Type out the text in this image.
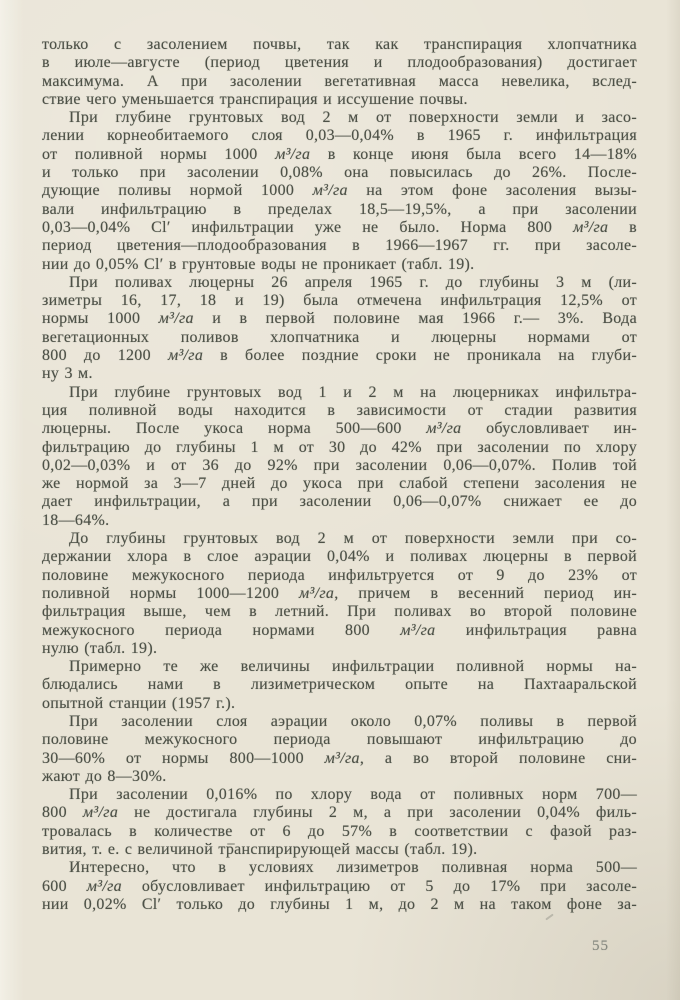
только с засолением почвы, так как транспирация хлопчатника
в июле—августе (период цветения и плодообразования) достигает
максимума. А при засолении вегетативная масса невелика, вслед-
ствие чего уменьшается транспирация и иссушение почвы.
При глубине грунтовых вод 2 м от поверхности земли и засо-
лении корнеобитаемого слоя 0,03—0,04% в 1965 г. инфильтрация
от поливной нормы 1000 м³/га в конце июня была всего 14—18%
и только при засолении 0,08% она повысилась до 26%. После-
дующие поливы нормой 1000 м³/га на этом фоне засоления вызы-
вали инфильтрацию в пределах 18,5—19,5%, а при засолении
0,03—0,04% Cl′ инфильтрации уже не было. Норма 800 м³/га в
период цветения—плодообразования в 1966—1967 гг. при засоле-
нии до 0,05% Cl′ в грунтовые воды не проникает (табл. 19).
При поливах люцерны 26 апреля 1965 г. до глубины 3 м (ли-
зиметры 16, 17, 18 и 19) была отмечена инфильтрация 12,5% от
нормы 1000 м³/га и в первой половине мая 1966 г.— 3%. Вода
вегетационных поливов хлопчатника и люцерны нормами от
800 до 1200 м³/га в более поздние сроки не проникала на глуби-
ну 3 м.
При глубине грунтовых вод 1 и 2 м на люцерниках инфильтра-
ция поливной воды находится в зависимости от стадии развития
люцерны. После укоса норма 500—600 м³/га обусловливает ин-
фильтрацию до глубины 1 м от 30 до 42% при засолении по хлору
0,02—0,03% и от 36 до 92% при засолении 0,06—0,07%. Полив той
же нормой за 3—7 дней до укоса при слабой степени засоления не
дает инфильтрации, а при засолении 0,06—0,07% снижает ее до
18—64%.
До глубины грунтовых вод 2 м от поверхности земли при со-
держании хлора в слое аэрации 0,04% и поливах люцерны в первой
половине межукосного периода инфильтруется от 9 до 23% от
поливной нормы 1000—1200 м³/га, причем в весенний период ин-
фильтрация выше, чем в летний. При поливах во второй половине
межукосного периода нормами 800 м³/га инфильтрация равна
нулю (табл. 19).
Примерно те же величины инфильтрации поливной нормы на-
блюдались нами в лизиметрическом опыте на Пахтааральской
опытной станции (1957 г.).
При засолении слоя аэрации около 0,07% поливы в первой
половине межукосного периода повышают инфильтрацию до
30—60% от нормы 800—1000 м³/га, а во второй половине сни-
жают до 8—30%.
При засолении 0,016% по хлору вода от поливных норм 700—
800 м³/га не достигала глубины 2 м, а при засолении 0,04% филь-
тровалась в количестве от 6 до 57% в соответствии с фазой раз-
вития, т. е. с величиной транспирирующей массы (табл. 19).
Интересно, что в условиях лизиметров поливная норма 500—
600 м³/га обусловливает инфильтрацию от 5 до 17% при засоле-
нии 0,02% Cl′ только до глубины 1 м, до 2 м на таком фоне за-
55
